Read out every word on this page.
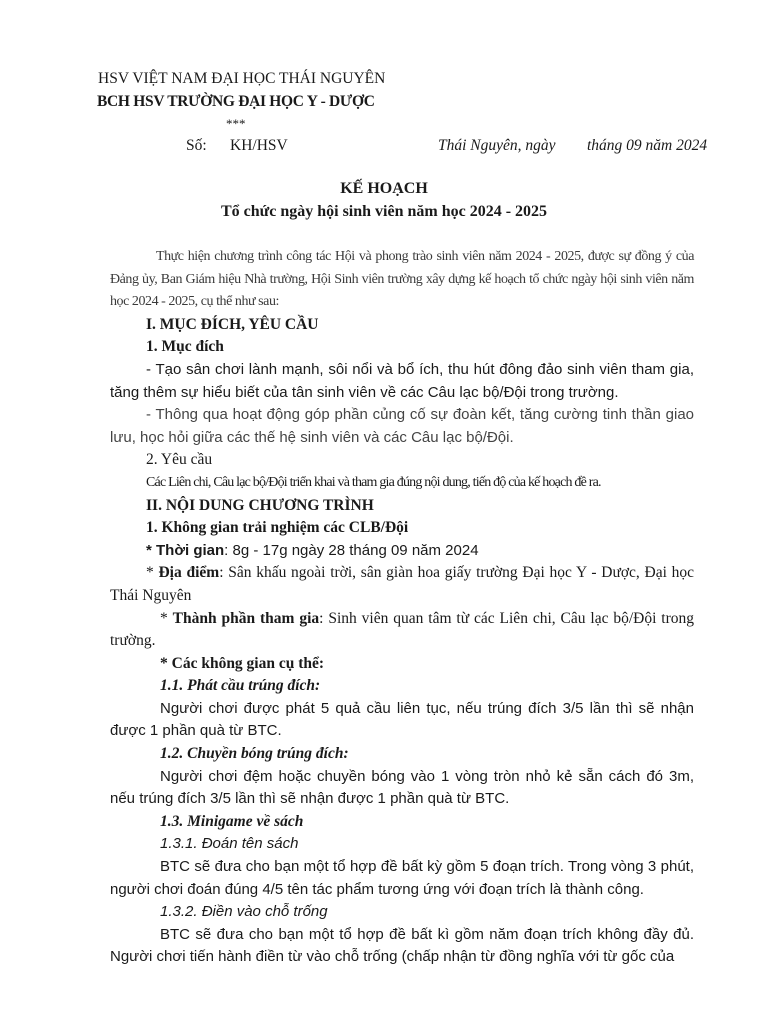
HSV VIỆT NAM ĐẠI HỌC THÁI NGUYÊN
BCH HSV TRƯỜNG ĐẠI HỌC Y - DƯỢC
***
Số: KH/HSV	Thái Nguyên, ngày tháng 09 năm 2024
KẾ HOẠCH
Tổ chức ngày hội sinh viên năm học 2024 - 2025

Thực hiện chương trình công tác Hội và phong trào sinh viên năm 2024 - 2025, được sự đồng ý của Đảng ủy, Ban Giám hiệu Nhà trường, Hội Sinh viên trường xây dựng kế hoạch tổ chức ngày hội sinh viên năm học 2024 - 2025, cụ thể như sau:

I. MỤC ĐÍCH, YÊU CẦU
1. Mục đích

- Tạo sân chơi lành mạnh, sôi nổi và bổ ích, thu hút đông đảo sinh viên tham gia, tăng thêm sự hiểu biết của tân sinh viên về các Câu lạc bộ/Đội trong trường.

- Thông qua hoạt động góp phần củng cố sự đoàn kết, tăng cường tinh thần giao lưu, học hỏi giữa các thế hệ sinh viên và các Câu lạc bộ/Đội.

2. Yêu cầu

Các Liên chi, Câu lạc bộ/Đội triển khai và tham gia đúng nội dung, tiến độ của kế hoạch đề ra.

II. NỘI DUNG CHƯƠNG TRÌNH
1. Không gian trải nghiệm các CLB/Đội
* Thời gian: 8g - 17g ngày 28 tháng 09 năm 2024

* Địa điểm: Sân khấu ngoài trời, sân giàn hoa giấy trường Đại học Y - Dược, Đại học Thái Nguyên

* Thành phần tham gia: Sinh viên quan tâm từ các Liên chi, Câu lạc bộ/Đội trong trường.

* Các không gian cụ thể:
1.1. Phát cầu trúng đích:

Người chơi được phát 5 quả cầu liên tục, nếu trúng đích 3/5 lần thì sẽ nhận được 1 phần quà từ BTC.

1.2. Chuyền bóng trúng đích:

Người chơi đệm hoặc chuyền bóng vào 1 vòng tròn nhỏ kẻ sẵn cách đó 3m, nếu trúng đích 3/5 lần thì sẽ nhận được 1 phần quà từ BTC.

1.3. Minigame về sách
1.3.1. Đoán tên sách

BTC sẽ đưa cho bạn một tổ hợp đề bất kỳ gồm 5 đoạn trích. Trong vòng 3 phút, người chơi đoán đúng 4/5 tên tác phẩm tương ứng với đoạn trích là thành công.

1.3.2. Điền vào chỗ trống

BTC sẽ đưa cho bạn một tổ hợp đề bất kì gồm năm đoạn trích không đầy đủ. Người chơi tiến hành điền từ vào chỗ trống (chấp nhận từ đồng nghĩa với từ gốc của
